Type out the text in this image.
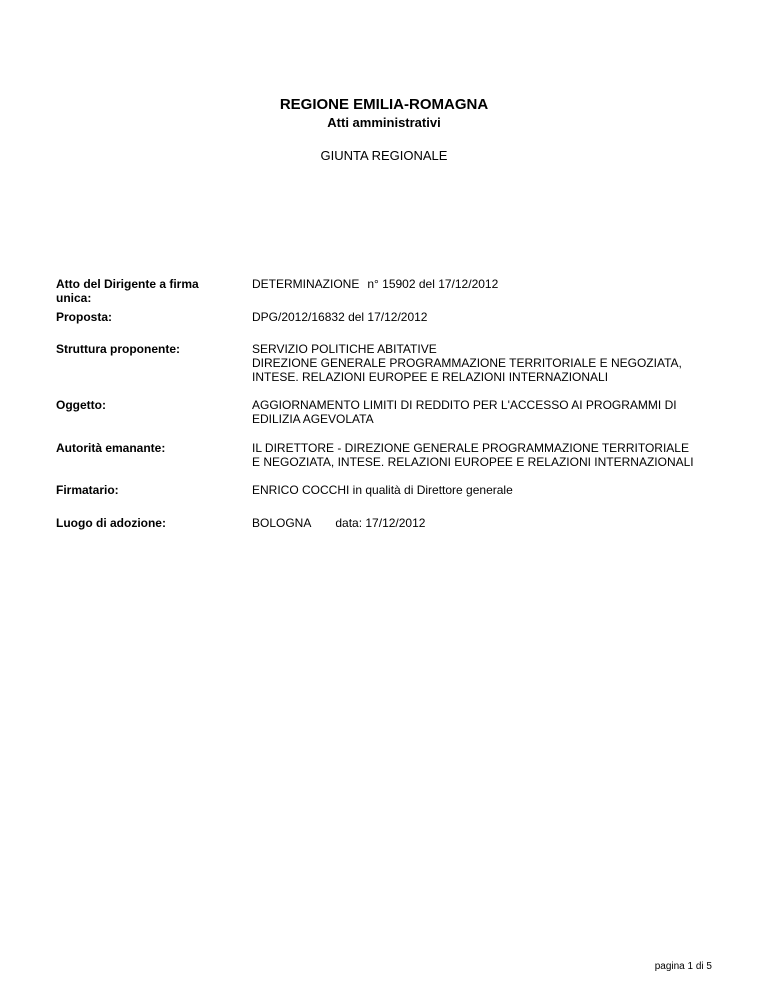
REGIONE EMILIA-ROMAGNA
Atti amministrativi
GIUNTA REGIONALE
Atto del Dirigente a firma unica:
DETERMINAZIONE n° 15902 del 17/12/2012
Proposta:	DPG/2012/16832 del 17/12/2012
Struttura proponente:	SERVIZIO POLITICHE ABITATIVE
DIREZIONE GENERALE PROGRAMMAZIONE TERRITORIALE E NEGOZIATA,
INTESE. RELAZIONI EUROPEE E RELAZIONI INTERNAZIONALI
Oggetto:	AGGIORNAMENTO LIMITI DI REDDITO PER L'ACCESSO AI PROGRAMMI DI
EDILIZIA AGEVOLATA
Autorità emanante:	IL DIRETTORE - DIREZIONE GENERALE PROGRAMMAZIONE TERRITORIALE
E NEGOZIATA, INTESE. RELAZIONI EUROPEE E RELAZIONI INTERNAZIONALI
Firmatario:	ENRICO COCCHI in qualità di Direttore generale
Luogo di adozione:	BOLOGNA data: 17/12/2012
pagina 1 di 5
